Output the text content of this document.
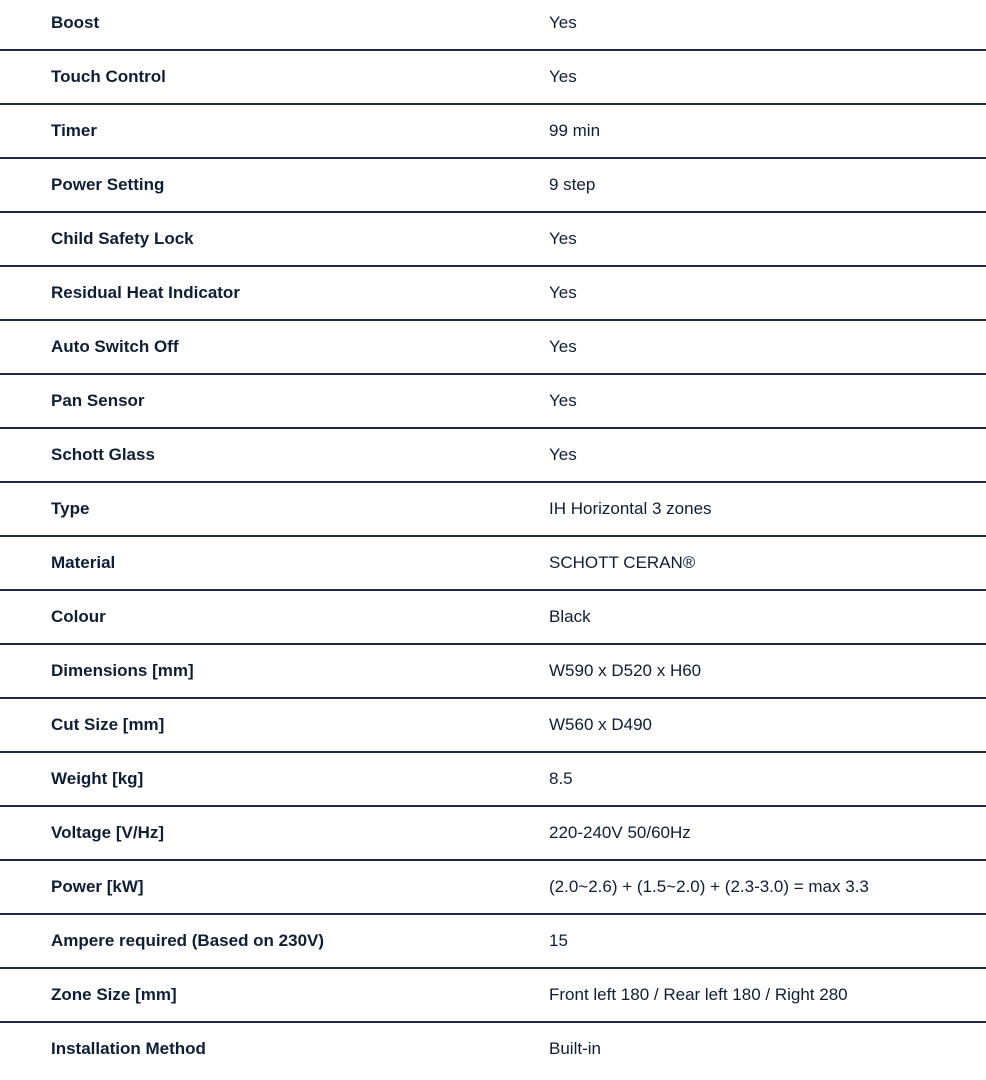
Boost	Yes
Touch Control	Yes
Timer	99 min
Power Setting	9 step
Child Safety Lock	Yes
Residual Heat Indicator	Yes
Auto Switch Off	Yes
Pan Sensor	Yes
Schott Glass	Yes
Type	IH Horizontal 3 zones
Material	SCHOTT CERAN®
Colour	Black
Dimensions [mm]	W590 x D520 x H60
Cut Size [mm]	W560 x D490
Weight [kg]	8.5
Voltage [V/Hz]	220-240V 50/60Hz
Power [kW]	(2.0~2.6) + (1.5~2.0) + (2.3-3.0) = max 3.3
Ampere required (Based on 230V)	15
Zone Size [mm]	Front left 180 / Rear left 180 / Right 280
Installation Method	Built-in
